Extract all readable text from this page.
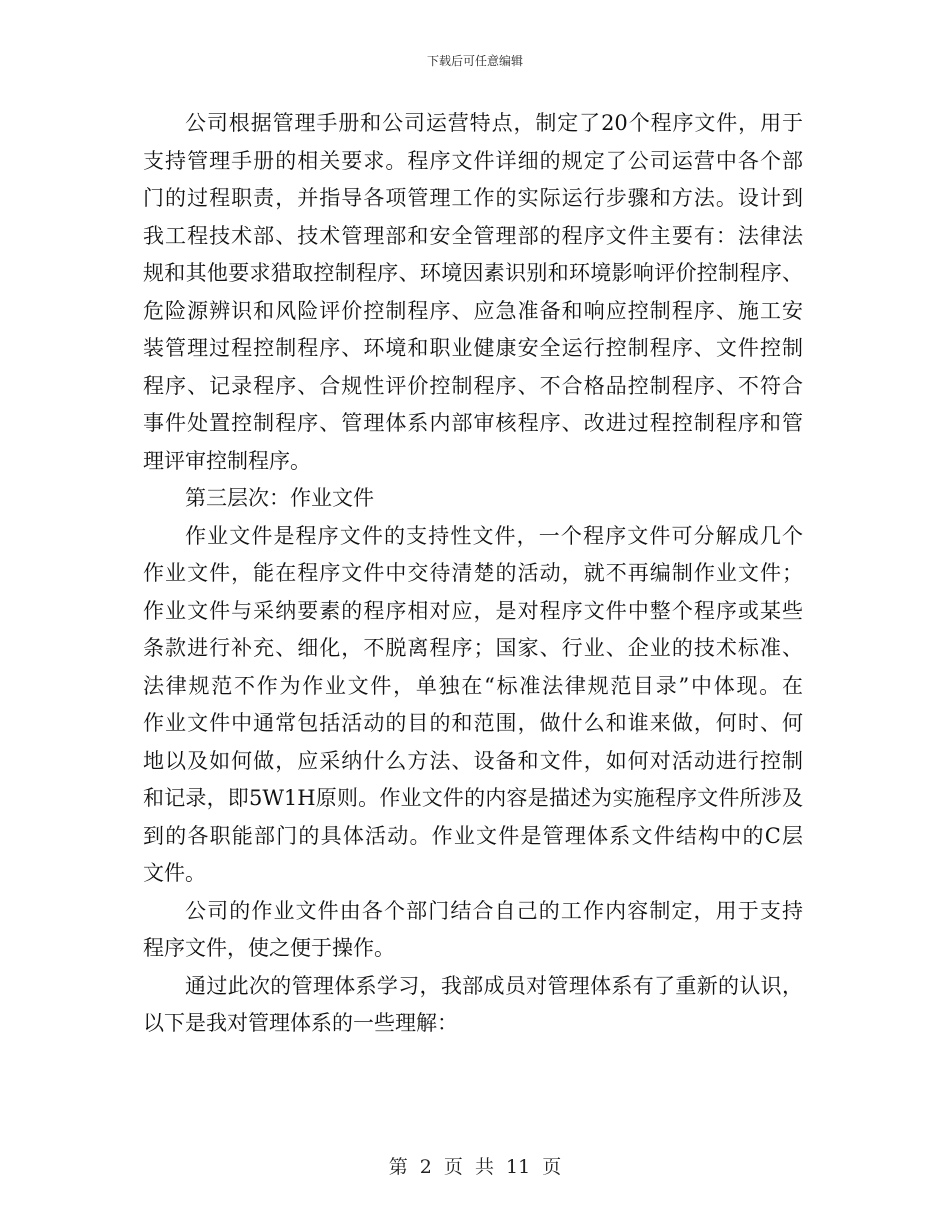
下载后可任意编辑
公司根据管理手册和公司运营特点，制定了20个程序文件，用于
支持管理手册的相关要求。程序文件详细的规定了公司运营中各个部
门的过程职责，并指导各项管理工作的实际运行步骤和方法。设计到
我工程技术部、技术管理部和安全管理部的程序文件主要有：法律法
规和其他要求猎取控制程序、环境因素识别和环境影响评价控制程序、
危险源辨识和风险评价控制程序、应急准备和响应控制程序、施工安
装管理过程控制程序、环境和职业健康安全运行控制程序、文件控制
程序、记录程序、合规性评价控制程序、不合格品控制程序、不符合
事件处置控制程序、管理体系内部审核程序、改进过程控制程序和管
理评审控制程序。
第三层次：作业文件
作业文件是程序文件的支持性文件，一个程序文件可分解成几个
作业文件，能在程序文件中交待清楚的活动，就不再编制作业文件；
作业文件与采纳要素的程序相对应，是对程序文件中整个程序或某些
条款进行补充、细化，不脱离程序；国家、行业、企业的技术标准、
法律规范不作为作业文件，单独在“标准法律规范目录”中体现。在
作业文件中通常包括活动的目的和范围，做什么和谁来做，何时、何
地以及如何做，应采纳什么方法、设备和文件，如何对活动进行控制
和记录，即5W1H原则。作业文件的内容是描述为实施程序文件所涉及
到的各职能部门的具体活动。作业文件是管理体系文件结构中的C层
文件。
公司的作业文件由各个部门结合自己的工作内容制定，用于支持
程序文件，使之便于操作。
通过此次的管理体系学习，我部成员对管理体系有了重新的认识，
以下是我对管理体系的一些理解：
第 2 页 共 11 页
